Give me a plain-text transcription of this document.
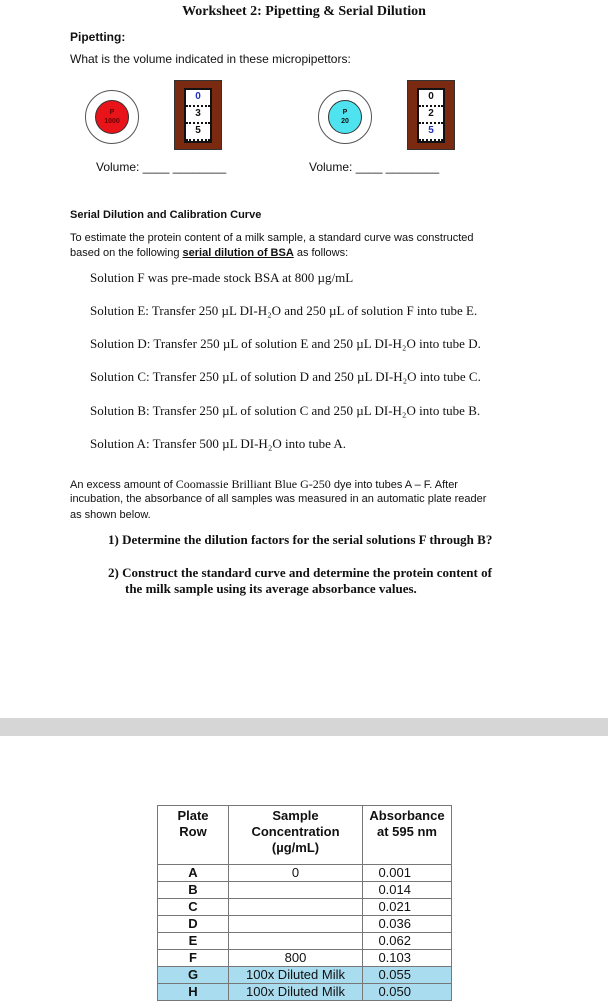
Worksheet 2: Pipetting & Serial Dilution
Pipetting:
What is the volume indicated in these micropipettors:
P
1000
0
3
5
Volume: ____ ________
P
20
0
2
5
Volume: ____ ________
Serial Dilution and Calibration Curve
To estimate the protein content of a milk sample, a standard curve was constructed
based on the following serial dilution of BSA as follows:
Solution F was pre-made stock BSA at 800 µg/mL
Solution E: Transfer 250 µL DI-H₂O and 250 µL of solution F into tube E.
Solution D: Transfer 250 µL of solution E and 250 µL DI-H₂O into tube D.
Solution C: Transfer 250 µL of solution D and 250 µL DI-H₂O into tube C.
Solution B: Transfer 250 µL of solution C and 250 µL DI-H₂O into tube B.
Solution A: Transfer 500 µL DI-H₂O into tube A.
An excess amount of Coomassie Brilliant Blue G-250 dye into tubes A – F. After
incubation, the absorbance of all samples was measured in an automatic plate reader
as shown below.
1) Determine the dilution factors for the serial solutions F through B?
2) Construct the standard curve and determine the protein content of
the milk sample using its average absorbance values.
Plate Row	Sample Concentration (µg/mL)	Absorbance at 595 nm
A	0	0.001
B		0.014
C		0.021
D		0.036
E		0.062
F	800	0.103
G	100x Diluted Milk	0.055
H	100x Diluted Milk	0.050
